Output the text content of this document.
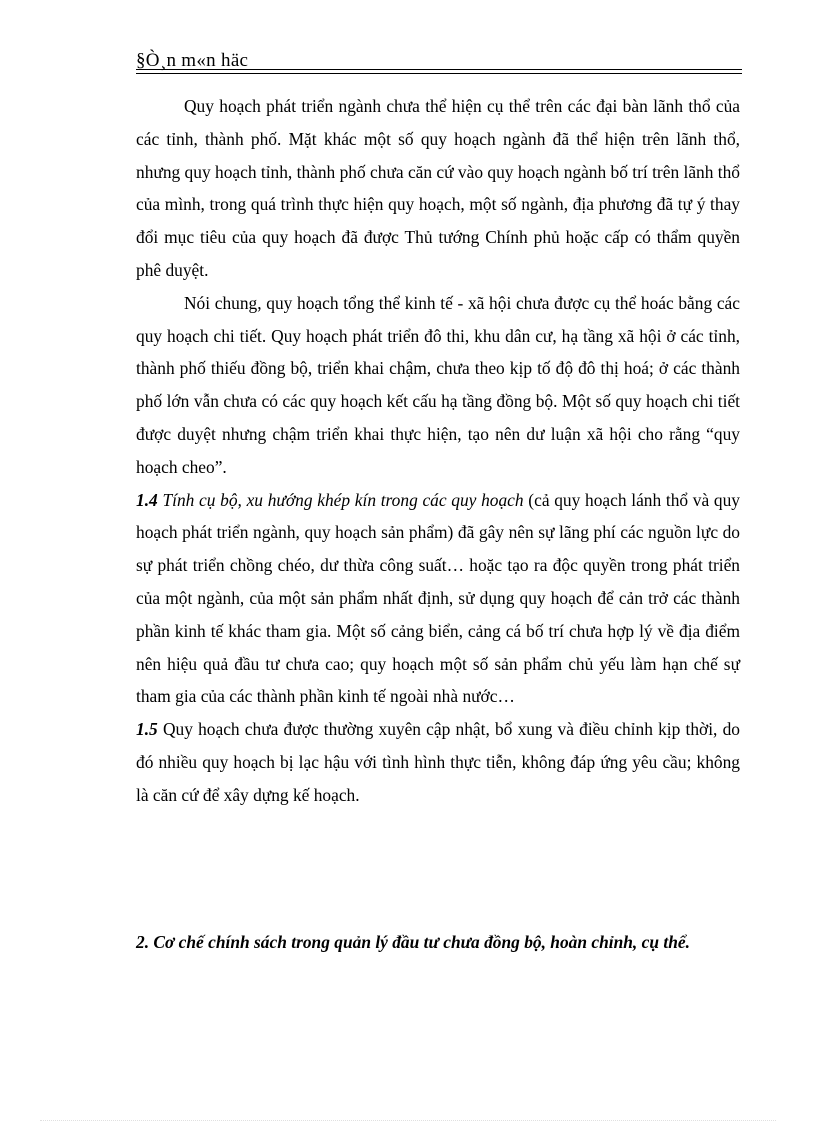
§Ò¸n m«n häc

Quy hoạch phát triển ngành chưa thể hiện cụ thể trên các đại bàn lãnh thổ của các tỉnh, thành phố. Mặt khác một số quy hoạch ngành đã thể hiện trên lãnh thổ, nhưng quy hoạch tỉnh, thành phố chưa căn cứ vào quy hoạch ngành bố trí trên lãnh thổ của mình, trong quá trình thực hiện quy hoạch, một số ngành, địa phương đã tự ý thay đổi mục tiêu của quy hoạch đã được Thủ tướng Chính phủ hoặc cấp có thẩm quyền phê duyệt.

Nói chung, quy hoạch tổng thể kinh tế - xã hội chưa được cụ thể hoác bằng các quy hoạch chi tiết. Quy hoạch phát triển đô thi, khu dân cư, hạ tầng xã hội ở các tỉnh, thành phố thiếu đồng bộ, triển khai chậm, chưa theo kịp tố độ đô thị hoá; ở các thành phố lớn vẫn chưa có các quy hoạch kết cấu hạ tầng đồng bộ. Một số quy hoạch chi tiết được duyệt nhưng chậm triển khai thực hiện, tạo nên dư luận xã hội cho rằng “quy hoạch cheo”.

1.4 Tính cụ bộ, xu hướng khép kín trong các quy hoạch (cả quy hoạch lánh thổ và quy hoạch phát triển ngành, quy hoạch sản phẩm) đã gây nên sự lãng phí các nguồn lực do sự phát triển chồng chéo, dư thừa công suất… hoặc tạo ra độc quyền trong phát triển của một ngành, của một sản phẩm nhất định, sử dụng quy hoạch để cản trở các thành phần kinh tế khác tham gia. Một số cảng biển, cảng cá bố trí chưa hợp lý về địa điểm nên hiệu quả đầu tư chưa cao; quy hoạch một số sản phẩm chủ yếu làm hạn chế sự tham gia của các thành phần kinh tế ngoài nhà nước…

1.5 Quy hoạch chưa được thường xuyên cập nhật, bổ xung và điều chỉnh kịp thời, do đó nhiều quy hoạch bị lạc hậu với tình hình thực tiễn, không đáp ứng yêu cầu; không là căn cứ để xây dựng kế hoạch.

2. Cơ chế chính sách trong quản lý đầu tư chưa đồng bộ, hoàn chỉnh, cụ thể.
